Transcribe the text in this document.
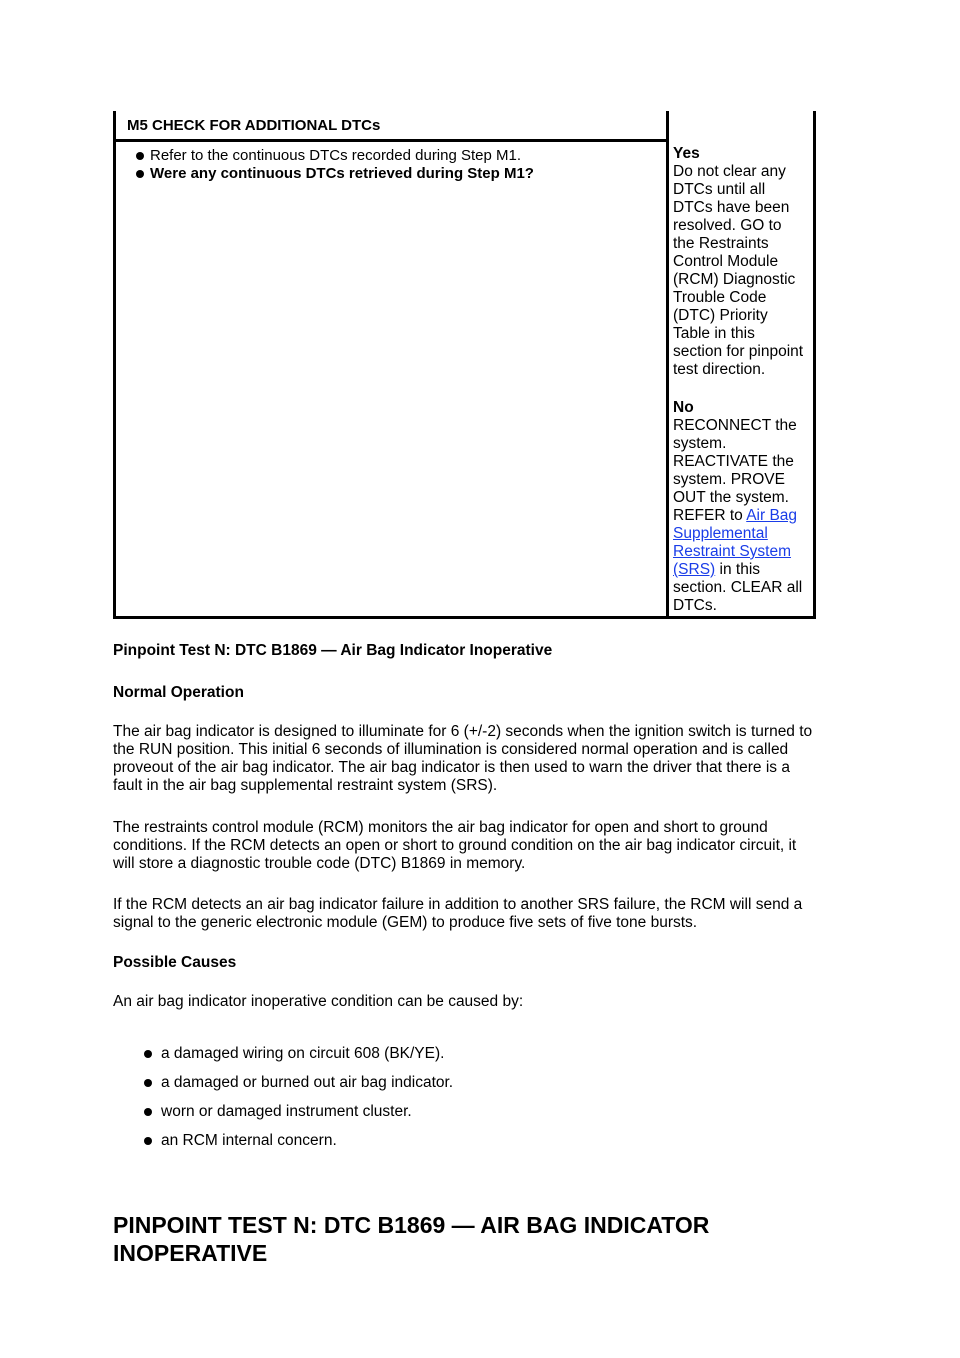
M5 CHECK FOR ADDITIONAL DTCs
Refer to the continuous DTCs recorded during Step M1.
Were any continuous DTCs retrieved during Step M1?
Yes
Do not clear any
DTCs until all
DTCs have been
resolved. GO to
the Restraints
Control Module
(RCM) Diagnostic
Trouble Code
(DTC) Priority
Table in this
section for pinpoint
test direction.
No
RECONNECT the
system.
REACTIVATE the
system. PROVE
OUT the system.
REFER to Air Bag
Supplemental
Restraint System
(SRS) in this
section. CLEAR all
DTCs.
Pinpoint Test N: DTC B1869 — Air Bag Indicator Inoperative
Normal Operation
The air bag indicator is designed to illuminate for 6 (+/-2) seconds when the ignition switch is turned to
the RUN position. This initial 6 seconds of illumination is considered normal operation and is called
proveout of the air bag indicator. The air bag indicator is then used to warn the driver that there is a
fault in the air bag supplemental restraint system (SRS).
The restraints control module (RCM) monitors the air bag indicator for open and short to ground
conditions. If the RCM detects an open or short to ground condition on the air bag indicator circuit, it
will store a diagnostic trouble code (DTC) B1869 in memory.
If the RCM detects an air bag indicator failure in addition to another SRS failure, the RCM will send a
signal to the generic electronic module (GEM) to produce five sets of five tone bursts.
Possible Causes
An air bag indicator inoperative condition can be caused by:
a damaged wiring on circuit 608 (BK/YE).
a damaged or burned out air bag indicator.
worn or damaged instrument cluster.
an RCM internal concern.
PINPOINT TEST N: DTC B1869 — AIR BAG INDICATOR
INOPERATIVE
